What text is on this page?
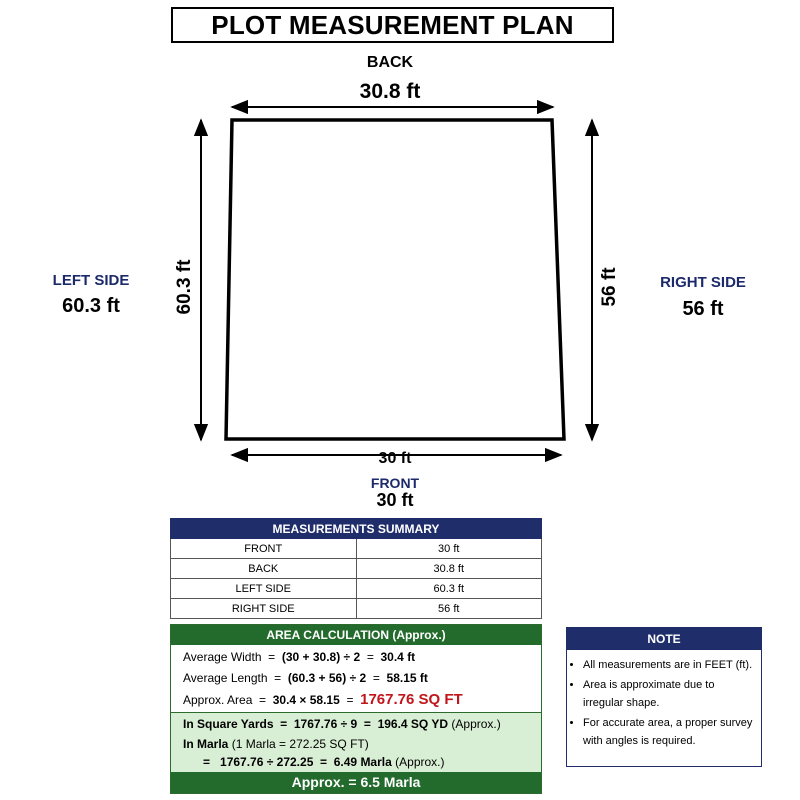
PLOT MEASUREMENT PLAN
BACK
30.8 ft
LEFT SIDE
60.3 ft	60.3 ft	RIGHT SIDE
56 ft
56 ft
30 ft
FRONT
30 ft
MEASUREMENTS SUMMARY	
FRONT	30 ft
BACK	30.8 ft
LEFT SIDE	60.3 ft
RIGHT SIDE	56 ft
AREA CALCULATION (Approx.)
Average Width  =  (30 + 30.8) ÷ 2  =  30.4 ft
Average Length  =  (60.3 + 56) ÷ 2  =  58.15 ft
Approx. Area  =  30.4 × 58.15  =  1767.76 SQ FT
In Square Yards  =  1767.76 ÷ 9  =  196.4 SQ YD (Approx.)
In Marla (1 Marla = 272.25 SQ FT)
=   1767.76 ÷ 272.25  =  6.49 Marla (Approx.)
Approx. = 6.5 Marla
NOTE
• All measurements are in FEET (ft).
• Area is approximate due to irregular shape.
• For accurate area, a proper survey with angles is required.
